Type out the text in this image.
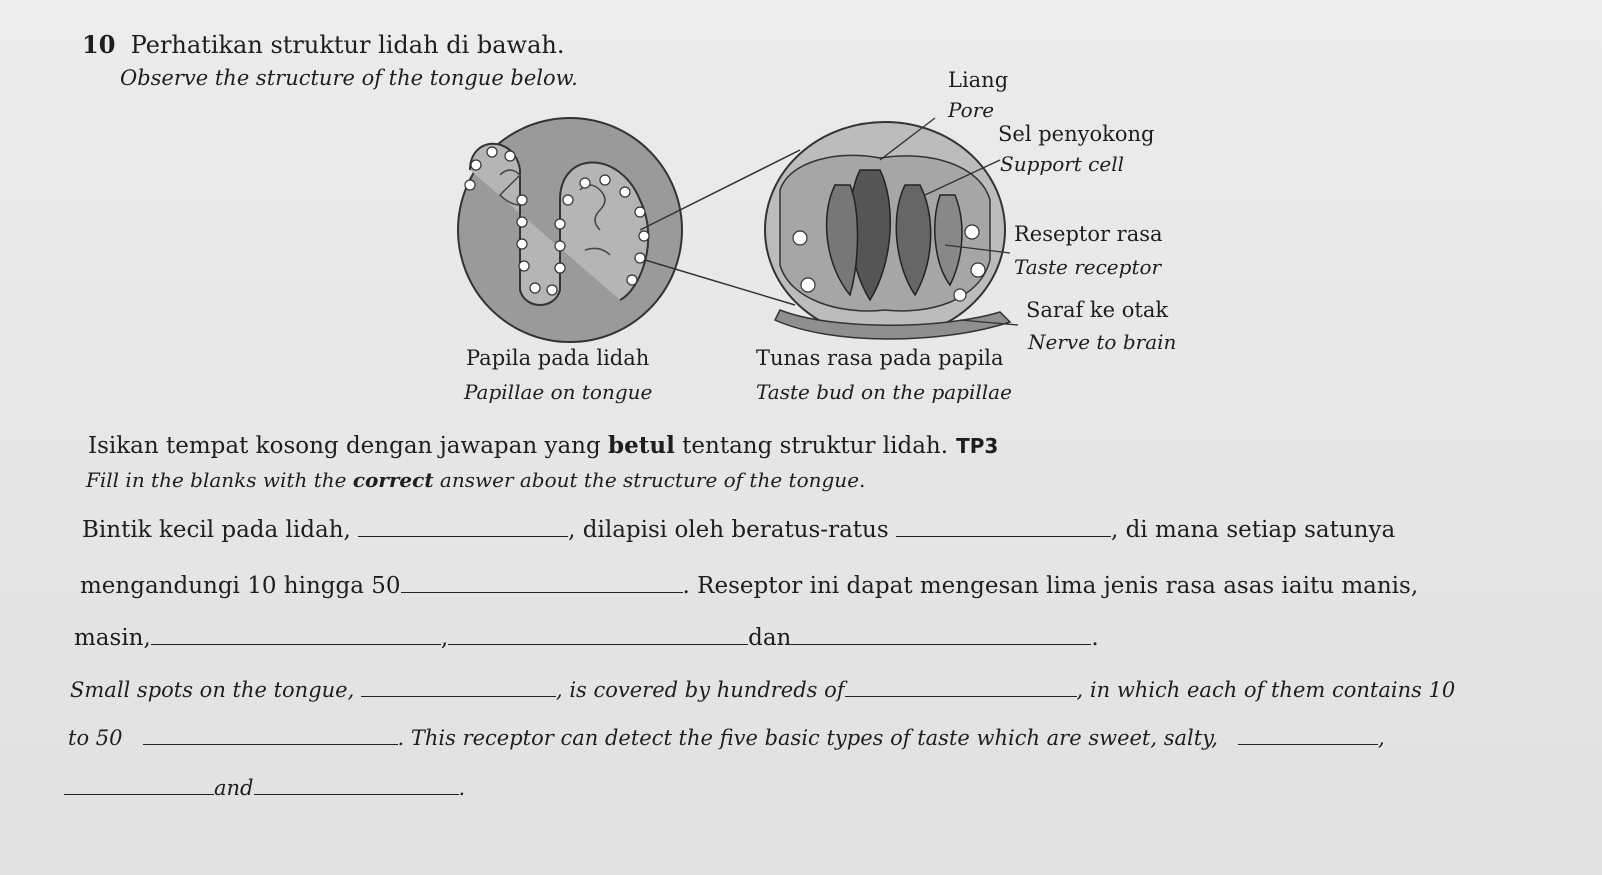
10 Perhatikan struktur lidah di bawah.
Observe the structure of the tongue below.	Liang
Pore
Sel penyokong
Support cell
Reseptor rasa
Taste receptor
Saraf ke otak
Nerve to brain
Papila pada lidah
Papillae on tongue
Tunas rasa pada papila
Taste bud on the papillae
Isikan tempat kosong dengan jawapan yang betul tentang struktur lidah. TP3
Fill in the blanks with the correct answer about the structure of the tongue.
Bintik kecil pada lidah,	, dilapisi oleh beratus-ratus	, di mana setiap satunya
mengandungi 10 hingga 50	. Reseptor ini dapat mengesan lima jenis rasa asas iaitu manis,
masin,	,	dan	.
Small spots on the tongue,	, is covered by hundreds of	, in which each of them contains 10
to 50	. This receptor can detect the five basic types of taste which are sweet, salty,	,
and	.
